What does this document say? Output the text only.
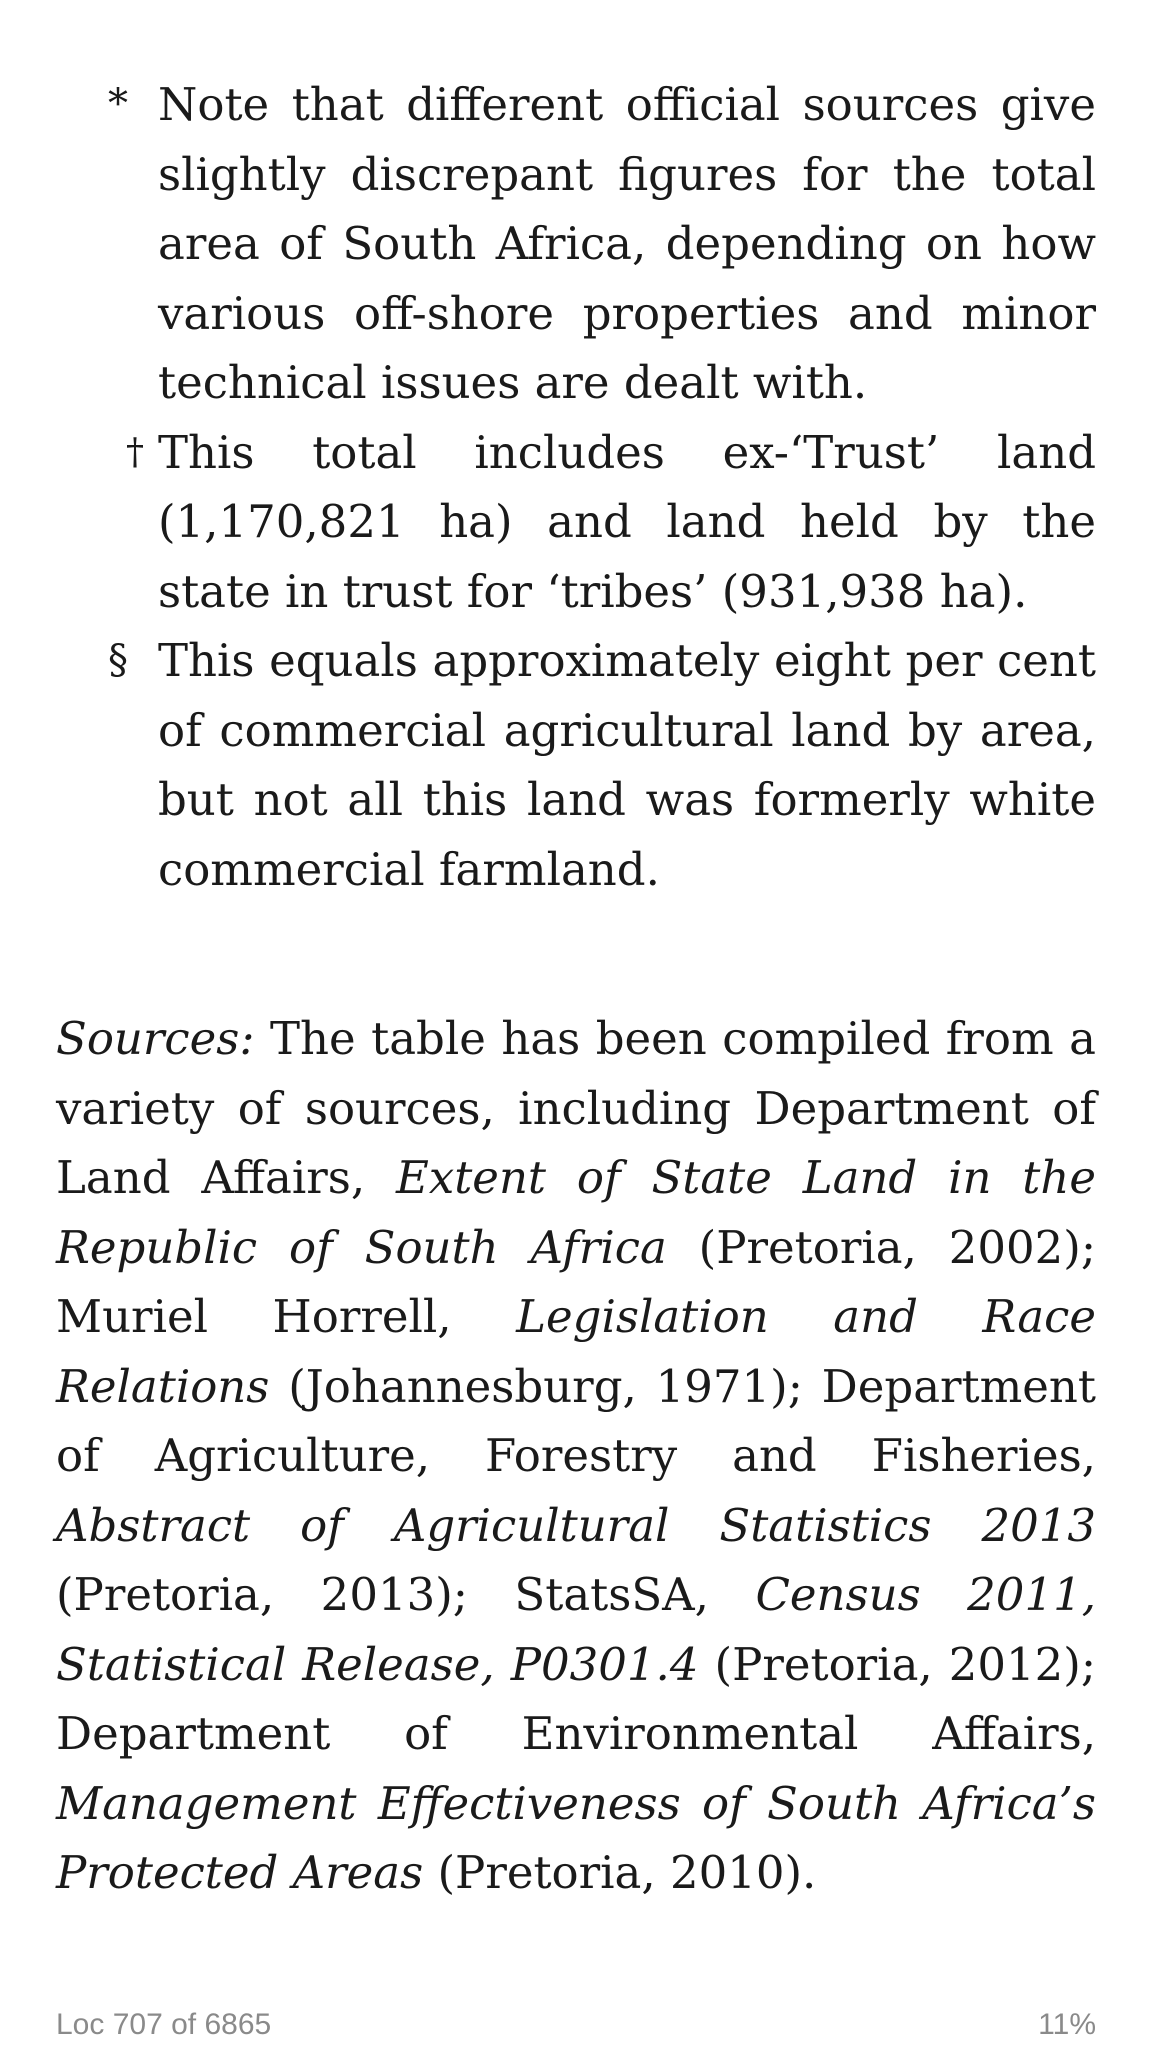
* Note that different official sources give slightly discrepant figures for the total area of South Africa, depending on how various off-shore properties and minor technical issues are dealt with.
† This total includes ex-‘Trust’ land (1,170,821 ha) and land held by the state in trust for ‘tribes’ (931,938 ha).
§ This equals approximately eight per cent of commercial agricultural land by area, but not all this land was formerly white commercial farmland.

Sources: The table has been compiled from a variety of sources, including Department of Land Affairs, Extent of State Land in the Republic of South Africa (Pretoria, 2002); Muriel Horrell, Legislation and Race Relations (Johannesburg, 1971); Department of Agriculture, Forestry and Fisheries, Abstract of Agricultural Statistics 2013 (Pretoria, 2013); StatsSA, Census 2011, Statistical Release, P0301.4 (Pretoria, 2012); Department of Environmental Affairs, Management Effectiveness of South Africa’s Protected Areas (Pretoria, 2010).

Loc 707 of 6865	11%
